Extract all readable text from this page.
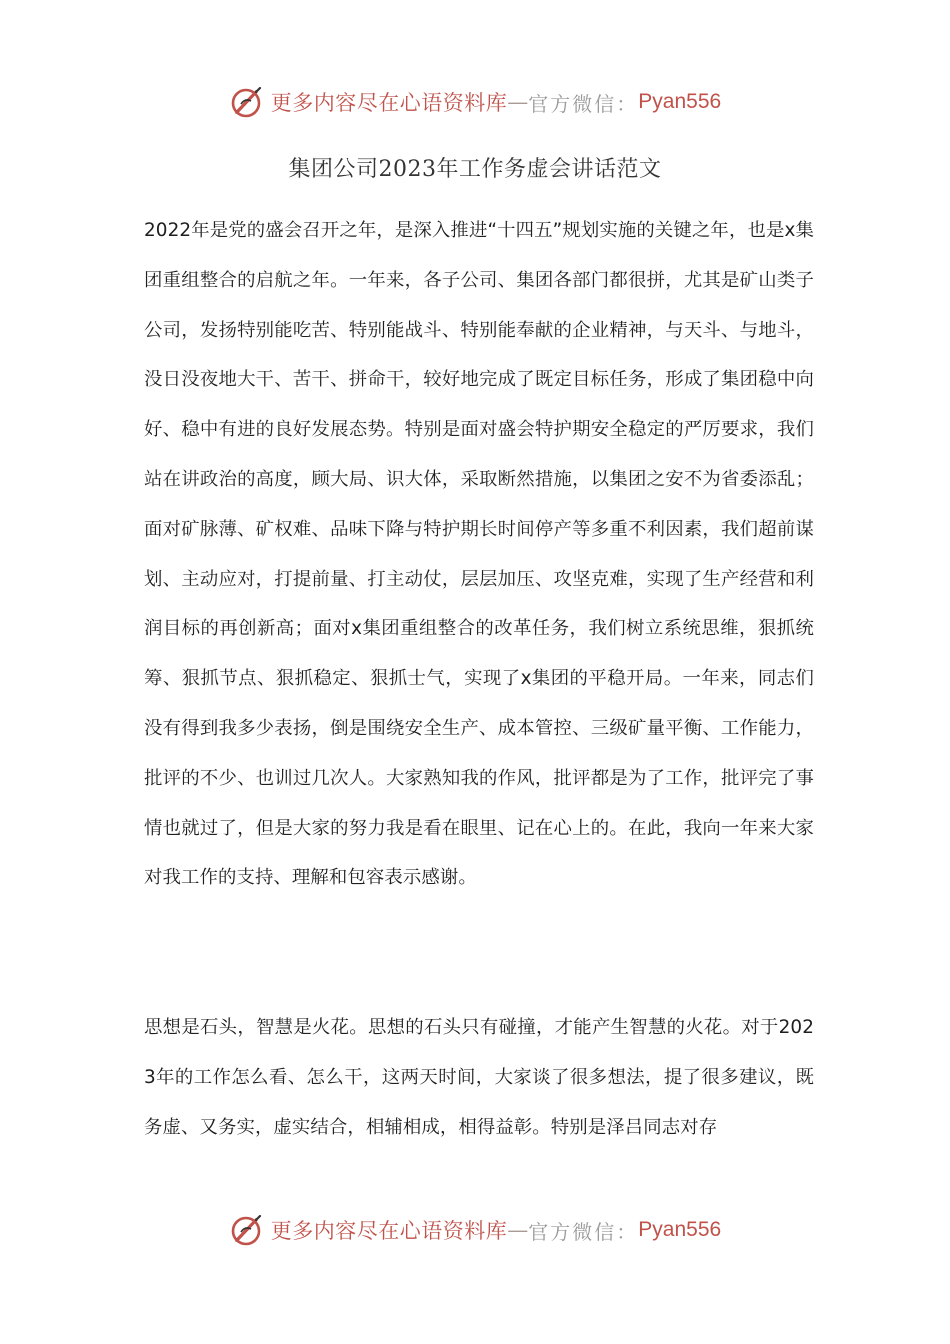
更多内容尽在心语资料库 — 官方微信： Pyan556
集团公司2023年工作务虚会讲话范文

2022年是党的盛会召开之年，是深入推进“十四五”规划实施的关键之年，也是x集团重组整合的启航之年。一年来，各子公司、集团各部门都很拼，尤其是矿山类子公司，发扬特别能吃苦、特别能战斗、特别能奉献的企业精神，与天斗、与地斗，没日没夜地大干、苦干、拼命干，较好地完成了既定目标任务，形成了集团稳中向好、稳中有进的良好发展态势。特别是面对盛会特护期安全稳定的严厉要求，我们站在讲政治的高度，顾大局、识大体，采取断然措施，以集团之安不为省委添乱；面对矿脉薄、矿权难、品味下降与特护期长时间停产等多重不利因素，我们超前谋划、主动应对，打提前量、打主动仗，层层加压、攻坚克难，实现了生产经营和利润目标的再创新高；面对x集团重组整合的改革任务，我们树立系统思维，狠抓统筹、狠抓节点、狠抓稳定、狠抓士气，实现了x集团的平稳开局。一年来，同志们没有得到我多少表扬，倒是围绕安全生产、成本管控、三级矿量平衡、工作能力，批评的不少、也训过几次人。大家熟知我的作风，批评都是为了工作，批评完了事情也就过了，但是大家的努力我是看在眼里、记在心上的。在此，我向一年来大家对我工作的支持、理解和包容表示感谢。

思想是石头，智慧是火花。思想的石头只有碰撞，才能产生智慧的火花。对于2023年的工作怎么看、怎么干，这两天时间，大家谈了很多想法，提了很多建议，既务虚、又务实，虚实结合，相辅相成，相得益彰。特别是泽吕同志对存

更多内容尽在心语资料库 — 官方微信： Pyan556
